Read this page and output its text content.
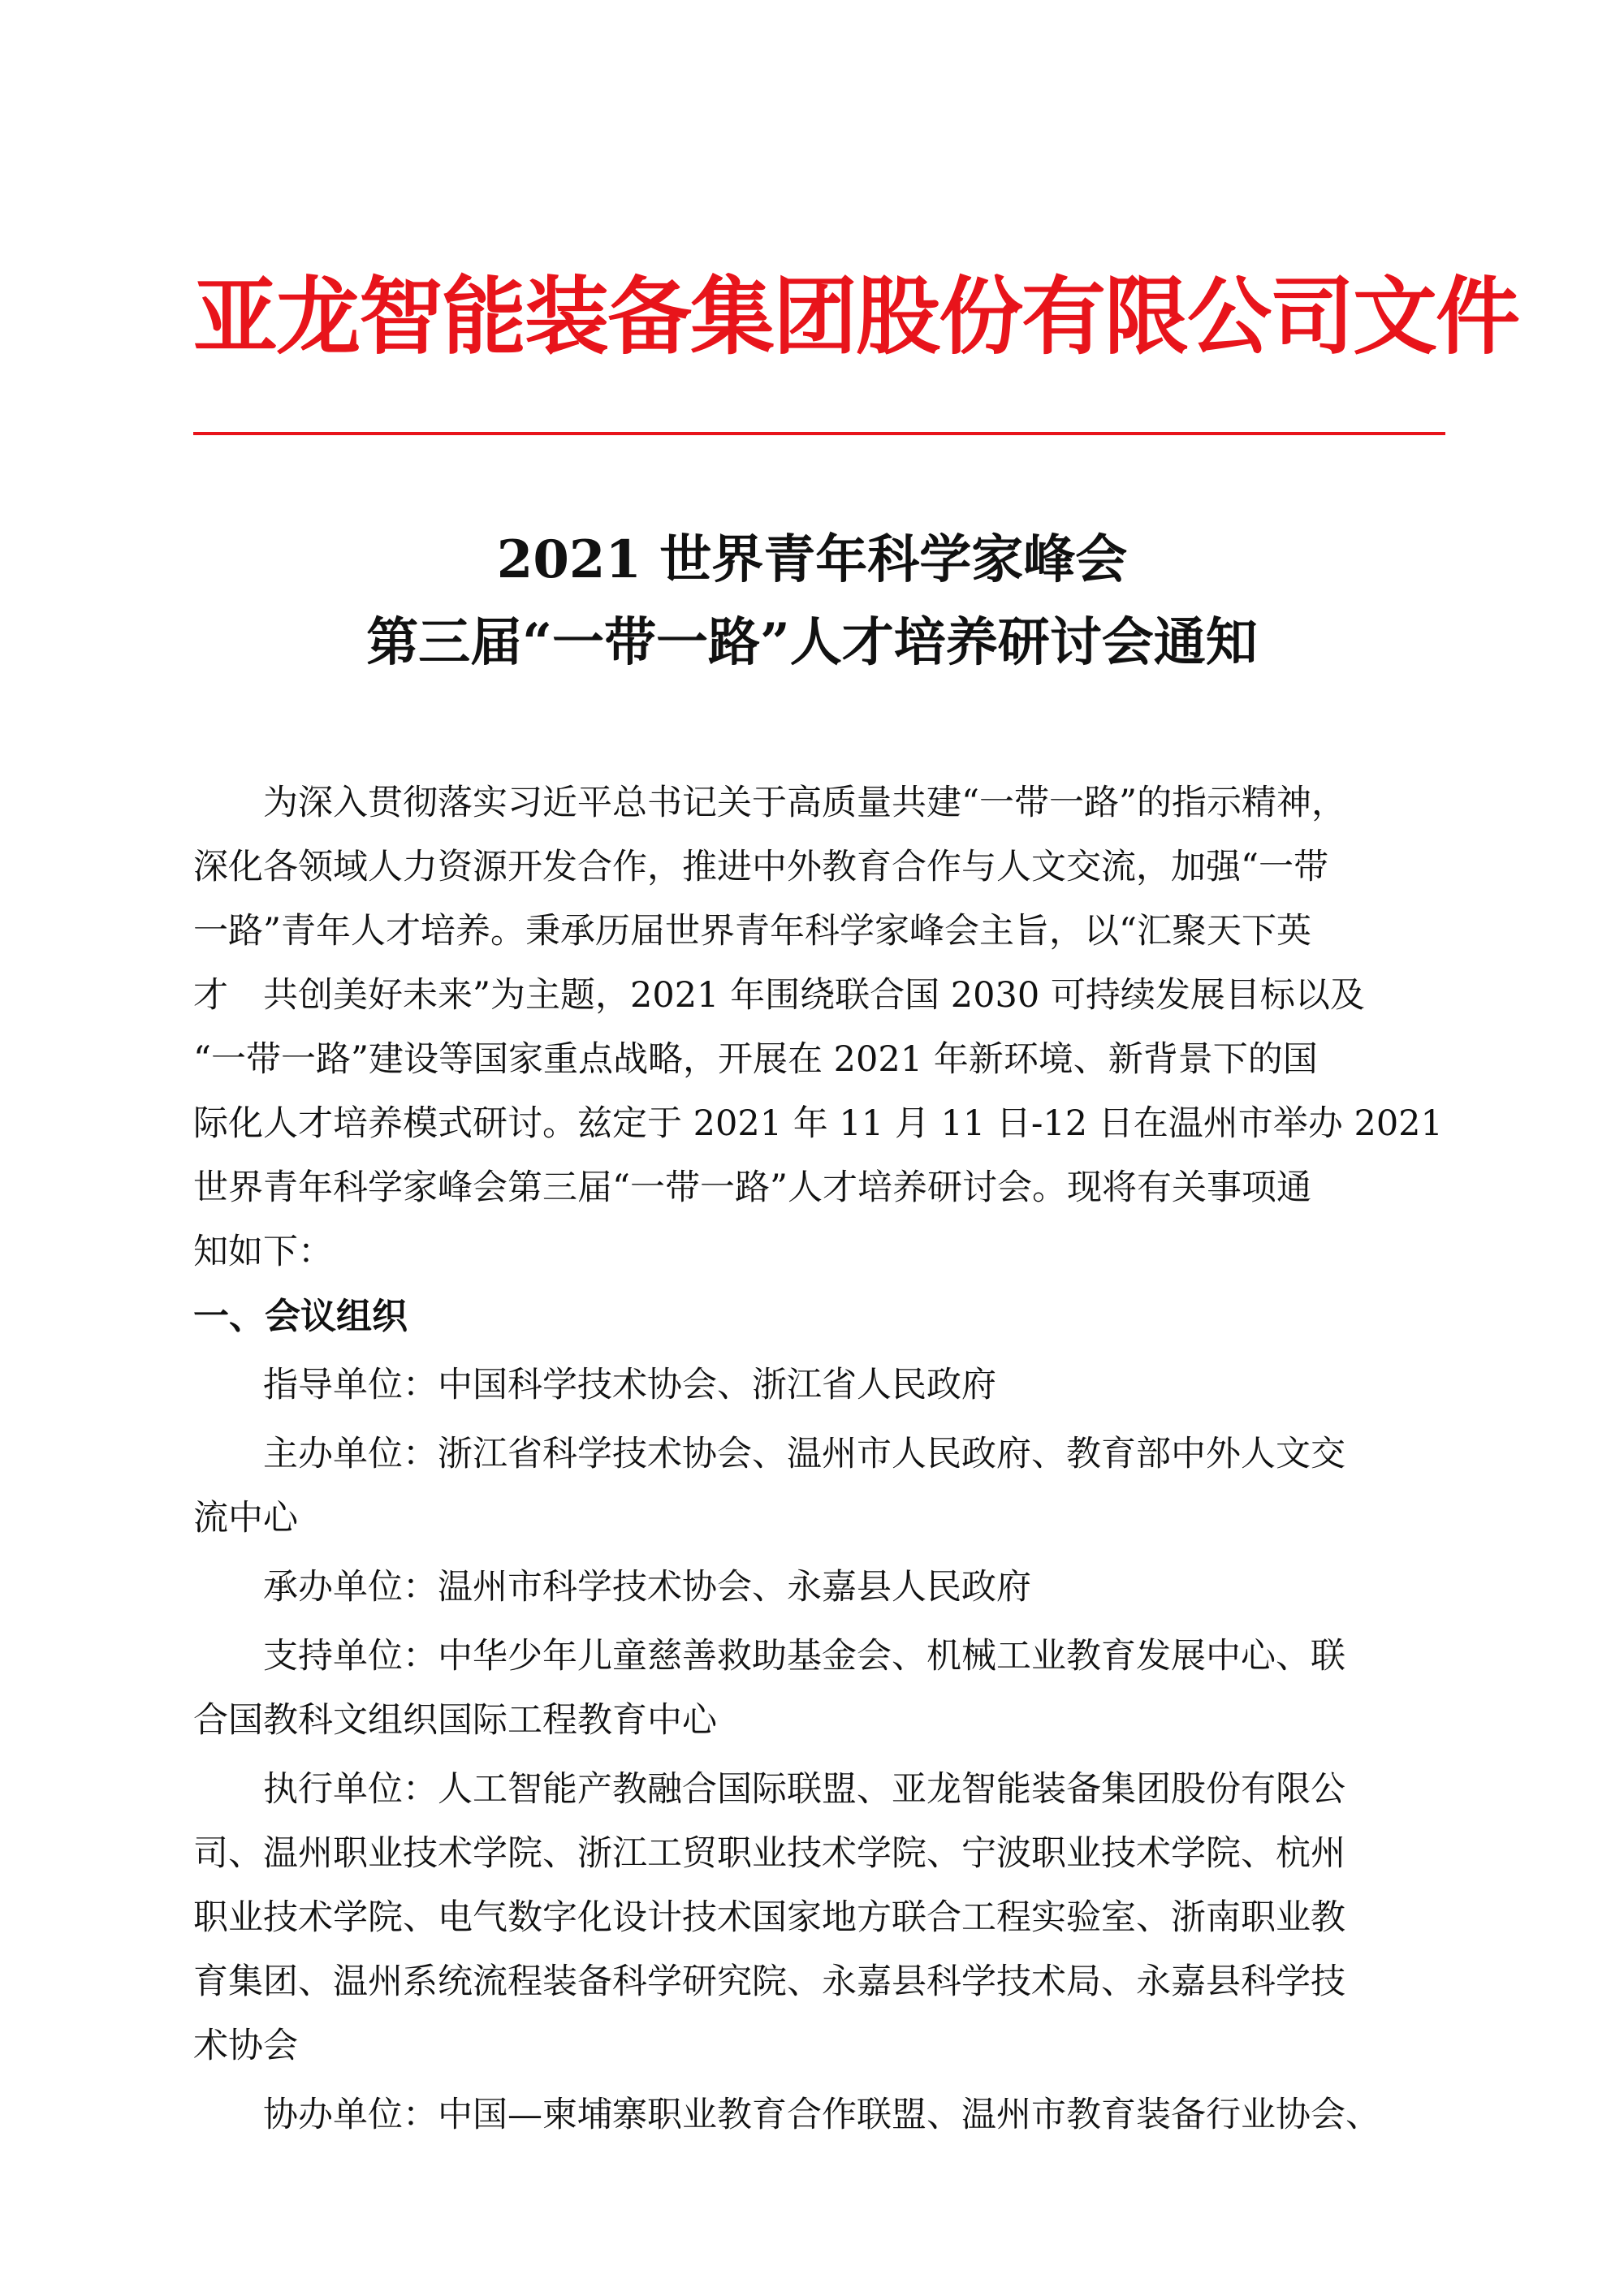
亚龙智能装备集团股份有限公司文件
2021 世界青年科学家峰会
第三届“一带一路”人才培养研讨会通知
为深入贯彻落实习近平总书记关于高质量共建“一带一路”的指示精神，
深化各领域人力资源开发合作，推进中外教育合作与人文交流，加强“一带
一路”青年人才培养。秉承历届世界青年科学家峰会主旨，以“汇聚天下英
才　共创美好未来”为主题，2021 年围绕联合国 2030 可持续发展目标以及
“一带一路”建设等国家重点战略，开展在 2021 年新环境、新背景下的国
际化人才培养模式研讨。兹定于 2021 年 11 月 11 日-12 日在温州市举办 2021
世界青年科学家峰会第三届“一带一路”人才培养研讨会。现将有关事项通
知如下：
一、会议组织
指导单位：中国科学技术协会、浙江省人民政府
主办单位：浙江省科学技术协会、温州市人民政府、教育部中外人文交
流中心
承办单位：温州市科学技术协会、永嘉县人民政府
支持单位：中华少年儿童慈善救助基金会、机械工业教育发展中心、联
合国教科文组织国际工程教育中心
执行单位：人工智能产教融合国际联盟、亚龙智能装备集团股份有限公
司、温州职业技术学院、浙江工贸职业技术学院、宁波职业技术学院、杭州
职业技术学院、电气数字化设计技术国家地方联合工程实验室、浙南职业教
育集团、温州系统流程装备科学研究院、永嘉县科学技术局、永嘉县科学技
术协会
协办单位：中国—柬埔寨职业教育合作联盟、温州市教育装备行业协会、
